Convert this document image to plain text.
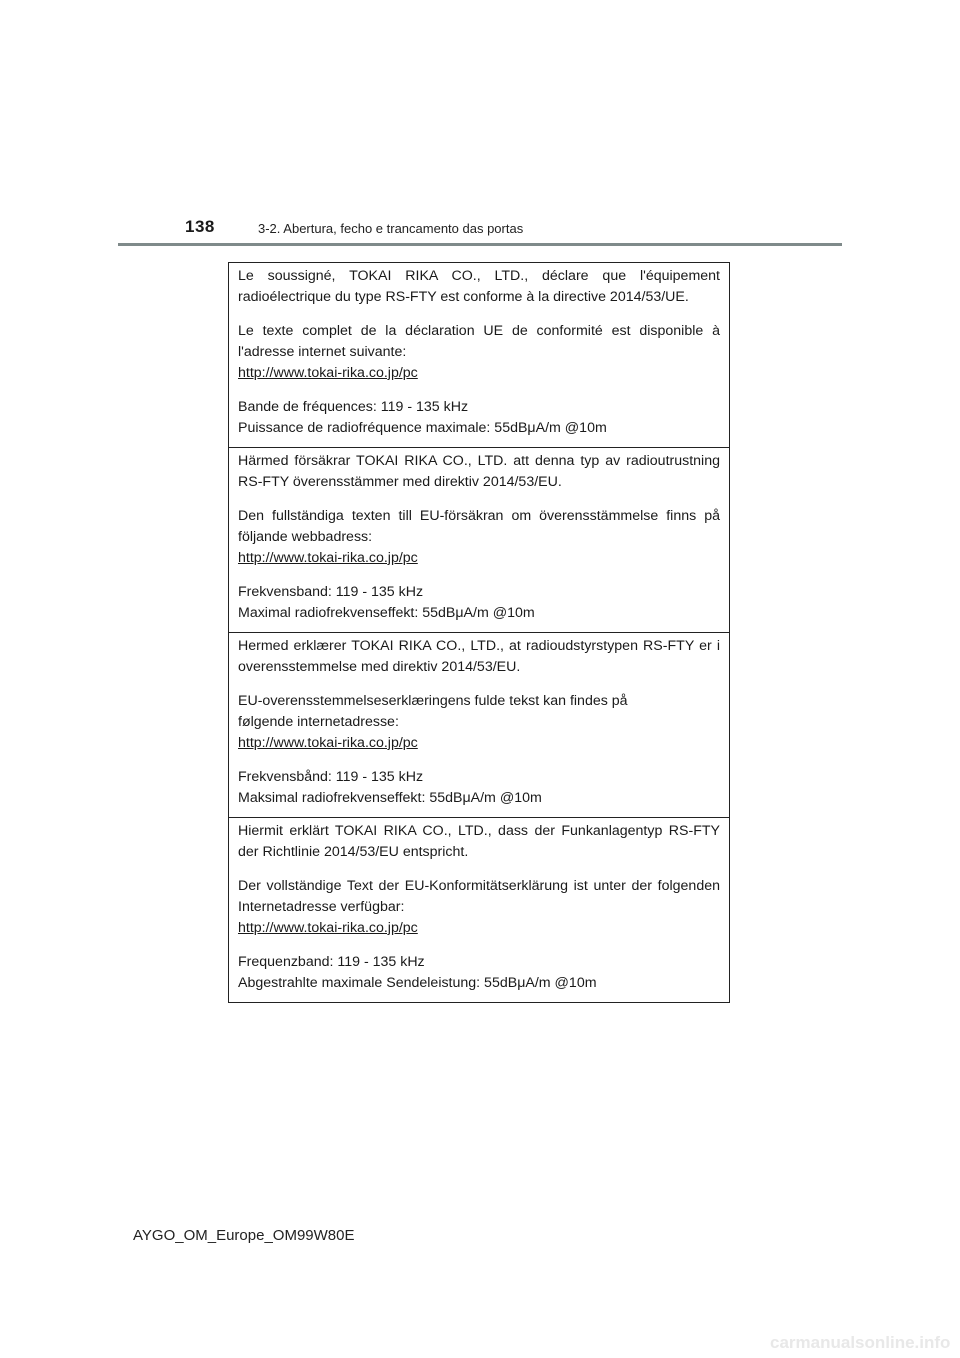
138	3-2. Abertura, fecho e trancamento das portas

Le soussigné, TOKAI RIKA CO., LTD., déclare que l'équipement radioélectrique du type RS-FTY est conforme à la directive 2014/53/UE.

Le texte complet de la déclaration UE de conformité est disponible à l'adresse internet suivante:

http://www.tokai-rika.co.jp/pc
Bande de fréquences: 119 - 135 kHz
Puissance de radiofréquence maximale: 55dBμA/m @10m

Härmed försäkrar TOKAI RIKA CO., LTD. att denna typ av radioutrustning RS-FTY överensstämmer med direktiv 2014/53/EU.

Den fullständiga texten till EU-försäkran om överensstämmelse finns på följande webbadress:

http://www.tokai-rika.co.jp/pc
Frekvensband: 119 - 135 kHz
Maximal radiofrekvenseffekt: 55dBμA/m @10m

Hermed erklærer TOKAI RIKA CO., LTD., at radioudstyrstypen RS-FTY er i overensstemmelse med direktiv 2014/53/EU.

EU-overensstemmelseserklæringens fulde tekst kan findes på
følgende internetadresse:
http://www.tokai-rika.co.jp/pc
Frekvensbånd: 119 - 135 kHz
Maksimal radiofrekvenseffekt: 55dBμA/m @10m

Hiermit erklärt TOKAI RIKA CO., LTD., dass der Funkanlagentyp RS-FTY der Richtlinie 2014/53/EU entspricht.

Der vollständige Text der EU-Konformitätserklärung ist unter der folgenden Internetadresse verfügbar:

http://www.tokai-rika.co.jp/pc
Frequenzband: 119 - 135 kHz
Abgestrahlte maximale Sendeleistung: 55dBμA/m @10m
AYGO_OM_Europe_OM99W80E
carmanualsonline.info
